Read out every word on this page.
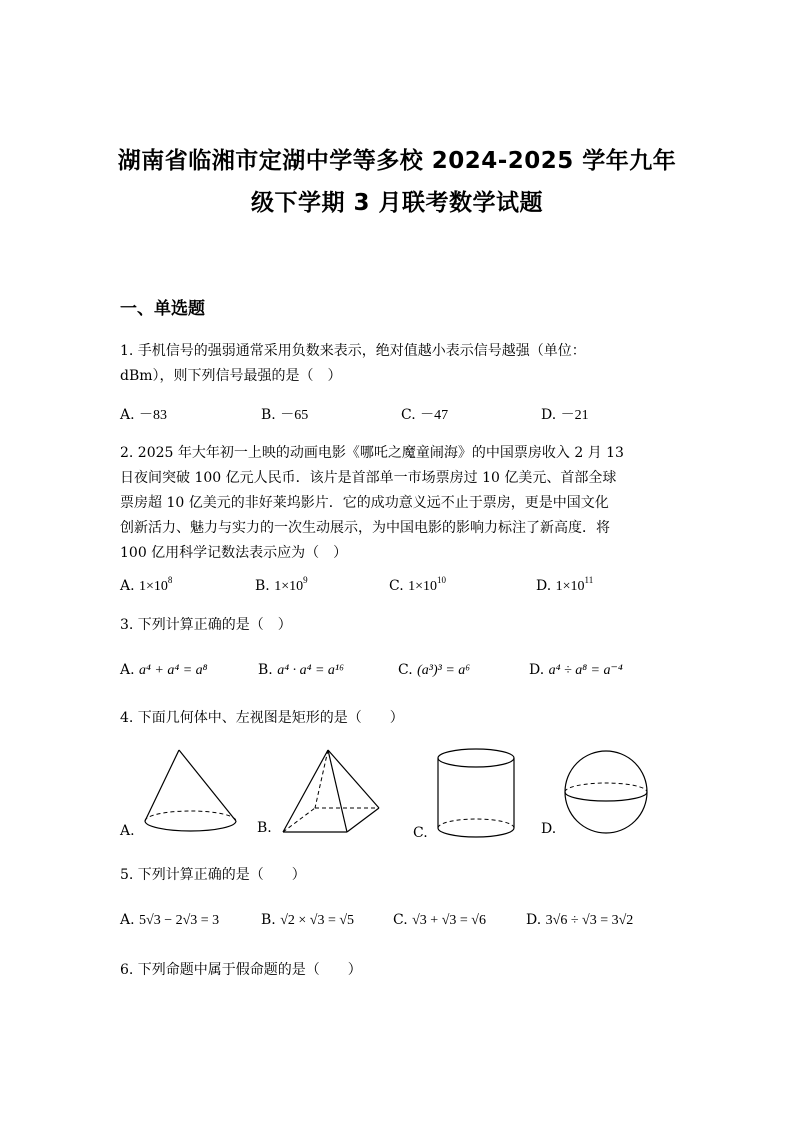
湖南省临湘市定湖中学等多校 2024-2025 学年九年
级下学期 3 月联考数学试题
一、单选题
1. 手机信号的强弱通常采用负数来表示，绝对值越小表示信号越强（单位：
dBm），则下列信号最强的是（　）
A. －83	B. －65	C. －47	D. －21
2. 2025 年大年初一上映的动画电影《哪吒之魔童闹海》的中国票房收入 2 月 13
日夜间突破 100 亿元人民币．该片是首部单一市场票房过 10 亿美元、首部全球
票房超 10 亿美元的非好莱坞影片．它的成功意义远不止于票房，更是中国文化
创新活力、魅力与实力的一次生动展示，为中国电影的影响力标注了新高度．将
100 亿用科学记数法表示应为（　）
A. $1\times 10^8$	B. $1\times 10^9$	C. $1\times 10^{10}$	D. $1\times 10^{11}$
3. 下列计算正确的是（　）
A. a⁴ + a⁴ = a⁸	B. a⁴ · a⁴ = a¹⁶	C. (a³)³ = a⁶	D. a⁴ ÷ a⁸ = a⁻⁴
4. 下面几何体中、左视图是矩形的是（　　）
A.	B.	C.	D.
5. 下列计算正确的是（　　）
A. 5√3 − 2√3 = 3	B. √2 × √3 = √5	C. √3 + √3 = √6	D. 3√6 ÷ √3 = 3√2
6. 下列命题中属于假命题的是（　　）
